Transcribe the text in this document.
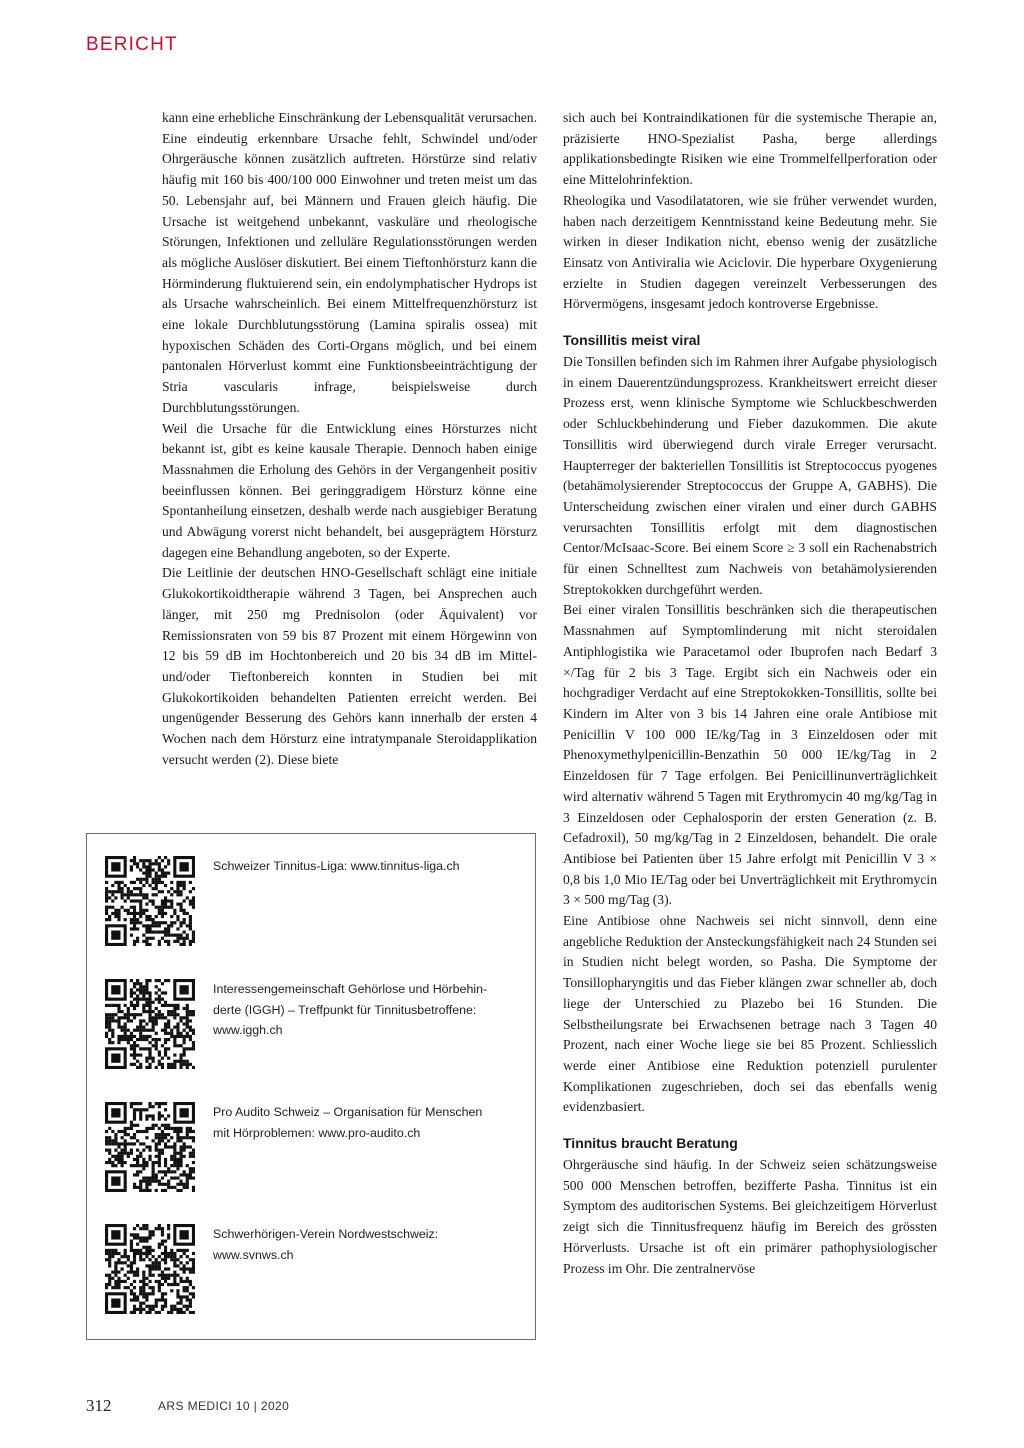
BERICHT

kann eine erhebliche Einschränkung der Lebensqualität verursachen. Eine eindeutig erkennbare Ursache fehlt, Schwindel und/oder Ohrgeräusche können zusätzlich auftreten. Hörstürze sind relativ häufig mit 160 bis 400/100 000 Einwohner und treten meist um das 50. Lebensjahr auf, bei Männern und Frauen gleich häufig. Die Ursache ist weitgehend unbekannt, vaskuläre und rheologische Störungen, Infektionen und zelluläre Regulationsstörungen werden als mögliche Auslöser diskutiert. Bei einem Tieftonhörsturz kann die Hörminderung fluktuierend sein, ein endolymphatischer Hydrops ist als Ursache wahrscheinlich. Bei einem Mittelfrequenzhörsturz ist eine lokale Durchblutungsstörung (Lamina spiralis ossea) mit hypoxischen Schäden des Corti-Organs möglich, und bei einem pantonalen Hörverlust kommt eine Funktionsbeeinträchtigung der Stria vascularis infrage, beispielsweise durch Durchblutungsstörungen.

Weil die Ursache für die Entwicklung eines Hörsturzes nicht bekannt ist, gibt es keine kausale Therapie. Dennoch haben einige Massnahmen die Erholung des Gehörs in der Vergangenheit positiv beeinflussen können. Bei geringgradigem Hörsturz könne eine Spontanheilung einsetzen, deshalb werde nach ausgiebiger Beratung und Abwägung vorerst nicht behandelt, bei ausgeprägtem Hörsturz dagegen eine Behandlung angeboten, so der Experte.

Die Leitlinie der deutschen HNO-Gesellschaft schlägt eine initiale Glukokortikoidtherapie während 3 Tagen, bei Ansprechen auch länger, mit 250 mg Prednisolon (oder Äquivalent) vor Remissionsraten von 59 bis 87 Prozent mit einem Hörgewinn von 12 bis 59 dB im Hochtonbereich und 20 bis 34 dB im Mittel- und/oder Tieftonbereich konnten in Studien bei mit Glukokortikoiden behandelten Patienten erreicht werden. Bei ungenügender Besserung des Gehörs kann innerhalb der ersten 4 Wochen nach dem Hörsturz eine intratympanale Steroidapplikation versucht werden (2). Diese biete

sich auch bei Kontraindikationen für die systemische Therapie an, präzisierte HNO-Spezialist Pasha, berge allerdings applikationsbedingte Risiken wie eine Trommelfellperforation oder eine Mittelohrinfektion.

Rheologika und Vasodilatatoren, wie sie früher verwendet wurden, haben nach derzeitigem Kenntnisstand keine Bedeutung mehr. Sie wirken in dieser Indikation nicht, ebenso wenig der zusätzliche Einsatz von Antiviralia wie Aciclovir. Die hyperbare Oxygenierung erzielte in Studien dagegen vereinzelt Verbesserungen des Hörvermögens, insgesamt jedoch kontroverse Ergebnisse.

Tonsillitis meist viral

Die Tonsillen befinden sich im Rahmen ihrer Aufgabe physiologisch in einem Dauerentzündungsprozess. Krankheitswert erreicht dieser Prozess erst, wenn klinische Symptome wie Schluckbeschwerden oder Schluckbehinderung und Fieber dazukommen. Die akute Tonsillitis wird überwiegend durch virale Erreger verursacht. Haupterreger der bakteriellen Tonsillitis ist Streptococcus pyogenes (betahämolysierender Streptococcus der Gruppe A, GABHS). Die Unterscheidung zwischen einer viralen und einer durch GABHS verursachten Tonsillitis erfolgt mit dem diagnostischen Centor/McIsaac-Score. Bei einem Score ≥ 3 soll ein Rachenabstrich für einen Schnelltest zum Nachweis von betahämolysierenden Streptokokken durchgeführt werden.

Bei einer viralen Tonsillitis beschränken sich die therapeutischen Massnahmen auf Symptomlinderung mit nicht steroidalen Antiphlogistika wie Paracetamol oder Ibuprofen nach Bedarf 3 ×/Tag für 2 bis 3 Tage. Ergibt sich ein Nachweis oder ein hochgradiger Verdacht auf eine Streptokokken-Tonsillitis, sollte bei Kindern im Alter von 3 bis 14 Jahren eine orale Antibiose mit Penicillin V 100 000 IE/kg/Tag in 3 Einzeldosen oder mit Phenoxymethylpenicillin-Benzathin 50 000 IE/kg/Tag in 2 Einzeldosen für 7 Tage erfolgen. Bei Penicillinunverträglichkeit wird alternativ während 5 Tagen mit Erythromycin 40 mg/kg/Tag in 3 Einzeldosen oder Cephalosporin der ersten Generation (z. B. Cefadroxil), 50 mg/kg/Tag in 2 Einzeldosen, behandelt. Die orale Antibiose bei Patienten über 15 Jahre erfolgt mit Penicillin V 3 × 0,8 bis 1,0 Mio IE/Tag oder bei Unverträglichkeit mit Erythromycin 3 × 500 mg/Tag (3).

Eine Antibiose ohne Nachweis sei nicht sinnvoll, denn eine angebliche Reduktion der Ansteckungsfähigkeit nach 24 Stunden sei in Studien nicht belegt worden, so Pasha. Die Symptome der Tonsillopharyngitis und das Fieber klängen zwar schneller ab, doch liege der Unterschied zu Plazebo bei 16 Stunden. Die Selbstheilungsrate bei Erwachsenen betrage nach 3 Tagen 40 Prozent, nach einer Woche liege sie bei 85 Prozent. Schliesslich werde einer Antibiose eine Reduktion potenziell purulenter Komplikationen zugeschrieben, doch sei das ebenfalls wenig evidenzbasiert.

Tinnitus braucht Beratung

Ohrgeräusche sind häufig. In der Schweiz seien schätzungsweise 500 000 Menschen betroffen, bezifferte Pasha. Tinnitus ist ein Symptom des auditorischen Systems. Bei gleichzeitigem Hörverlust zeigt sich die Tinnitusfrequenz häufig im Bereich des grössten Hörverlusts. Ursache ist oft ein primärer pathophysiologischer Prozess im Ohr. Die zentralnervöse

Schweizer Tinnitus-Liga: www.tinnitus-liga.ch
Interessengemeinschaft Gehörlose und Hörbehin-
derte (IGGH) – Treffpunkt für Tinnitusbetroffene:
www.iggh.ch
Pro Audito Schweiz – Organisation für Menschen
mit Hörproblemen: www.pro-audito.ch
Schwerhörigen-Verein Nordwestschweiz:
www.svnws.ch
312	ARS MEDICI 10 | 2020
